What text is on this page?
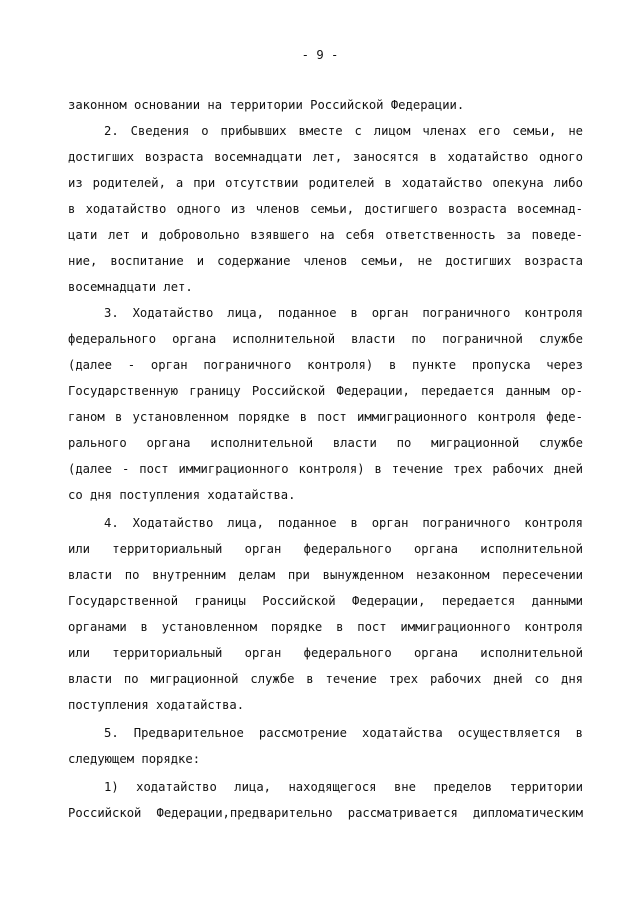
- 9 -
законном основании на территории Российской Федерации.
2. Сведения о прибывших вместе с лицом членах его семьи, не
достигших возраста восемнадцати лет, заносятся в ходатайство одного
из родителей, а при отсутствии родителей в ходатайство опекуна либо
в ходатайство одного из членов семьи, достигшего возраста восемнад-
цати лет и добровольно взявшего на себя ответственность за поведе-
ние, воспитание и содержание членов семьи, не достигших возраста
восемнадцати лет.
3. Ходатайство лица, поданное в орган пограничного контроля
федерального органа исполнительной власти по пограничной службе
(далее - орган пограничного контроля) в пункте пропуска через
Государственную границу Российской Федерации, передается данным ор-
ганом в установленном порядке в пост иммиграционного контроля феде-
рального органа исполнительной власти по миграционной службе
(далее - пост иммиграционного контроля) в течение трех рабочих дней
со дня поступления ходатайства.
4. Ходатайство лица, поданное в орган пограничного контроля
или территориальный орган федерального органа исполнительной
власти по внутренним делам при вынужденном незаконном пересечении
Государственной границы Российской Федерации, передается данными
органами в установленном порядке в пост иммиграционного контроля
или территориальный орган федерального органа исполнительной
власти по миграционной службе в течение трех рабочих дней со дня
поступления ходатайства.
5. Предварительное рассмотрение ходатайства осуществляется в
следующем порядке:
1) ходатайство лица, находящегося вне пределов территории
Российской Федерации,предварительно рассматривается дипломатическим
